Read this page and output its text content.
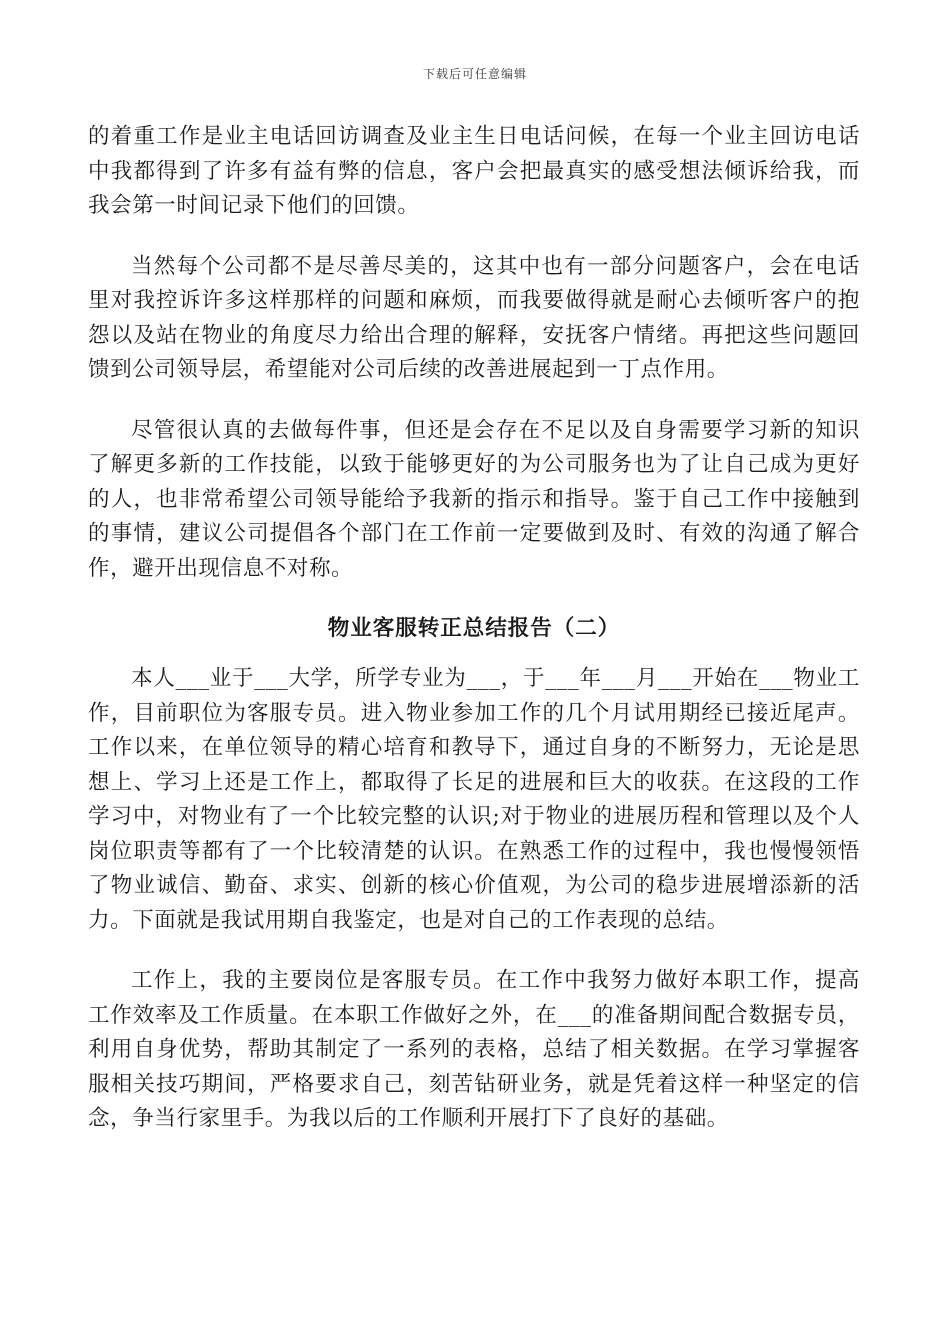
下载后可任意编辑

的着重工作是业主电话回访调查及业主生日电话问候，在每一个业主回访电话中我都得到了许多有益有弊的信息，客户会把最真实的感受想法倾诉给我，而我会第一时间记录下他们的回馈。

当然每个公司都不是尽善尽美的，这其中也有一部分问题客户，会在电话里对我控诉许多这样那样的问题和麻烦，而我要做得就是耐心去倾听客户的抱怨以及站在物业的角度尽力给出合理的解释，安抚客户情绪。再把这些问题回馈到公司领导层，希望能对公司后续的改善进展起到一丁点作用。

尽管很认真的去做每件事，但还是会存在不足以及自身需要学习新的知识了解更多新的工作技能，以致于能够更好的为公司服务也为了让自己成为更好的人，也非常希望公司领导能给予我新的指示和指导。鉴于自己工作中接触到的事情，建议公司提倡各个部门在工作前一定要做到及时、有效的沟通了解合作，避开出现信息不对称。

物业客服转正总结报告（二）

本人___业于___大学，所学专业为___，于___年___月___开始在___物业工作，目前职位为客服专员。进入物业参加工作的几个月试用期经已接近尾声。工作以来，在单位领导的精心培育和教导下，通过自身的不断努力，无论是思想上、学习上还是工作上，都取得了长足的进展和巨大的收获。在这段的工作学习中，对物业有了一个比较完整的认识;对于物业的进展历程和管理以及个人岗位职责等都有了一个比较清楚的认识。在熟悉工作的过程中，我也慢慢领悟了物业诚信、勤奋、求实、创新的核心价值观，为公司的稳步进展增添新的活力。下面就是我试用期自我鉴定，也是对自己的工作表现的总结。

工作上，我的主要岗位是客服专员。在工作中我努力做好本职工作，提高工作效率及工作质量。在本职工作做好之外，在___的准备期间配合数据专员，利用自身优势，帮助其制定了一系列的表格，总结了相关数据。在学习掌握客服相关技巧期间，严格要求自己，刻苦钻研业务，就是凭着这样一种坚定的信念，争当行家里手。为我以后的工作顺利开展打下了良好的基础。
